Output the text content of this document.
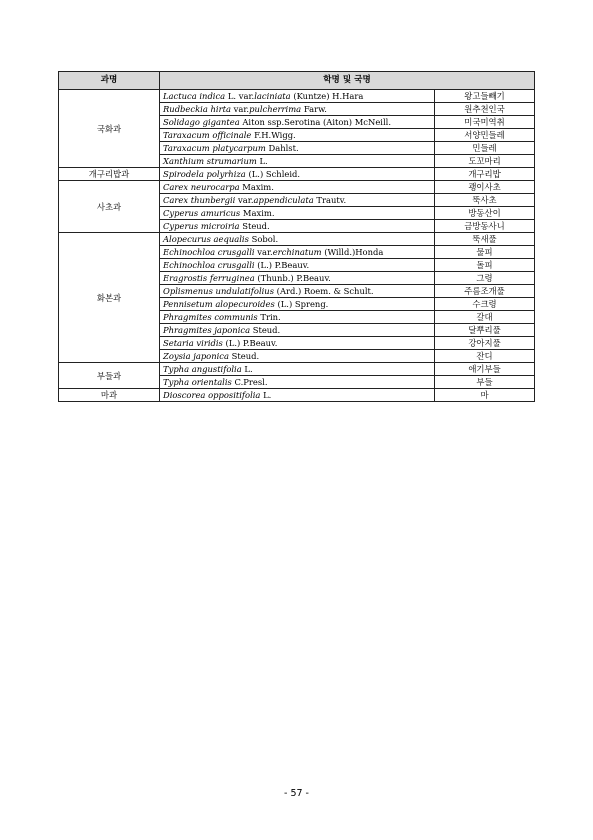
과명	학명 및 국명	
국화과	Lactuca indica L. var.laciniata (Kuntze) H.Hara	왕고들빼기
	Rudbeckia hirta var.pulcherrima Farw.	원추천인국
	Solidago gigantea Aiton ssp.Serotina (Aiton) McNeill.	미국미역취
	Taraxacum officinale F.H.Wigg.	서양민들레
	Taraxacum platycarpum Dahlst.	민들레
	Xanthium strumarium L.	도꼬마리
개구리밥과	Spirodela polyrhiza (L.) Schleid.	개구리밥
사초과	Carex neurocarpa Maxim.	괭이사초
	Carex thunbergii var.appendiculata Trautv.	뚝사초
	Cyperus amuricus Maxim.	방동산이
	Cyperus microiria Steud.	금방동사니
화본과	Alopecurus aequalis Sobol.	뚝새풀
	Echinochloa crusgalli var.erchinatum (Willd.)Honda	물피
	Echinochloa crusgalli (L.) P.Beauv.	돌피
	Eragrostis ferruginea (Thunb.) P.Beauv.	그령
	Oplismenus undulatifolius (Ard.) Roem. & Schult.	주름조개풀
	Pennisetum alopecuroides (L.) Spreng.	수크령
	Phragmites communis Trin.	갈대
	Phragmites japonica Steud.	달뿌리풀
	Setaria viridis (L.) P.Beauv.	강아지풀
	Zoysia japonica Steud.	잔디
부들과	Typha angustifolia L.	애기부들
	Typha orientalis C.Presl.	부들
마과	Dioscorea oppositifolia L.	마
- 57 -
